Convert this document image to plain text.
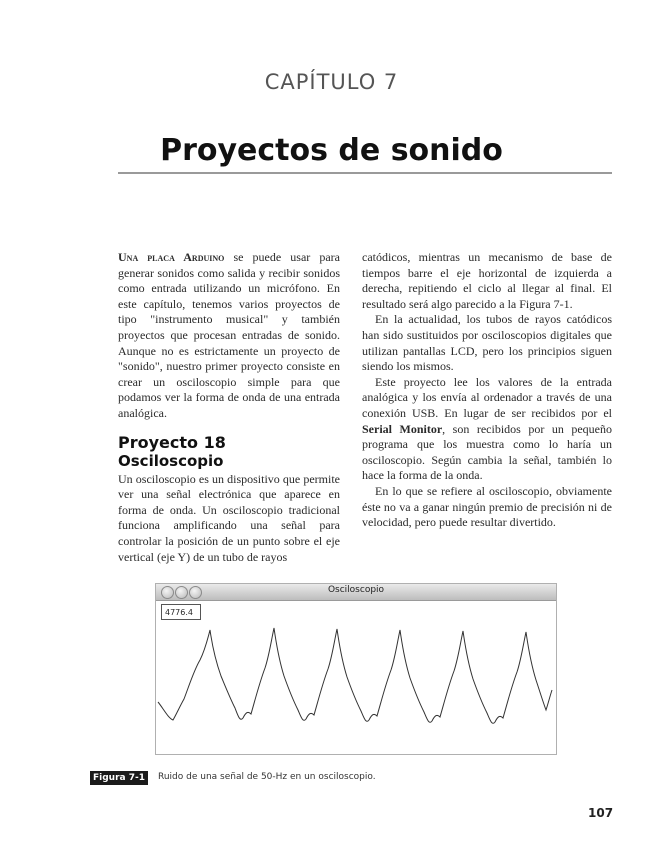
CAPÍTULO 7
Proyectos de sonido

Una placa Arduino se puede usar para generar sonidos como salida y recibir sonidos como entrada utilizando un micrófono. En este capítulo, tenemos varios proyectos de tipo "instrumento musical" y también proyectos que procesan entradas de sonido. Aunque no es estrictamente un proyecto de "sonido", nuestro primer proyecto consiste en crear un osciloscopio simple para que podamos ver la forma de onda de una entrada analógica.

Proyecto 18
Osciloscopio

Un osciloscopio es un dispositivo que permite ver una señal electrónica que aparece en forma de onda. Un osciloscopio tradicional funciona amplificando una señal para controlar la posición de un punto sobre el eje vertical (eje Y) de un tubo de rayos

catódicos, mientras un mecanismo de base de tiempos barre el eje horizontal de izquierda a derecha, repitiendo el ciclo al llegar al final. El resultado será algo parecido a la Figura 7-1.

En la actualidad, los tubos de rayos catódicos han sido sustituidos por osciloscopios digitales que utilizan pantallas LCD, pero los principios siguen siendo los mismos.

Este proyecto lee los valores de la entrada analógica y los envía al ordenador a través de una conexión USB. En lugar de ser recibidos por el Serial Monitor, son recibidos por un pequeño programa que los muestra como lo haría un osciloscopio. Según cambia la señal, también lo hace la forma de la onda.

En lo que se refiere al osciloscopio, obviamente éste no va a ganar ningún premio de precisión ni de velocidad, pero puede resultar divertido.

Osciloscopio
4776.4
Figura 7-1	Ruido de una señal de 50-Hz en un osciloscopio.
107
